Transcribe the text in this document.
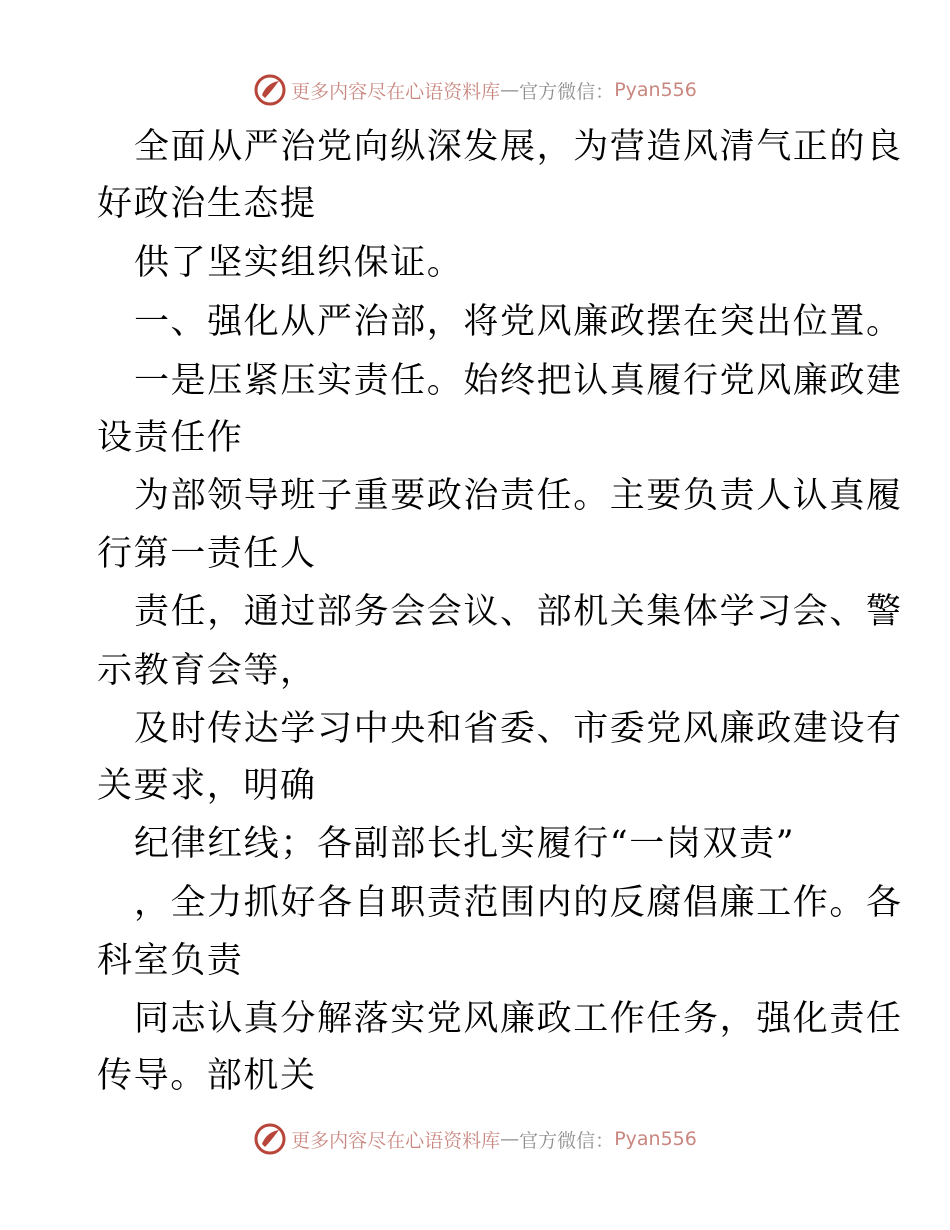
更多内容尽在心语资料库 — 官方微信： Pyan556
全面从严治党向纵深发展，为营造风清气正的良
好政治生态提
供了坚实组织保证。
一、强化从严治部，将党风廉政摆在突出位置。
一是压紧压实责任。始终把认真履行党风廉政建
设责任作
为部领导班子重要政治责任。主要负责人认真履
行第一责任人
责任，通过部务会会议、部机关集体学习会、警
示教育会等，
及时传达学习中央和省委、市委党风廉政建设有
关要求，明确
纪律红线；各副部长扎实履行“一岗双责”
，全力抓好各自职责范围内的反腐倡廉工作。各
科室负责
同志认真分解落实党风廉政工作任务，强化责任
传导。部机关
更多内容尽在心语资料库 — 官方微信： Pyan556
